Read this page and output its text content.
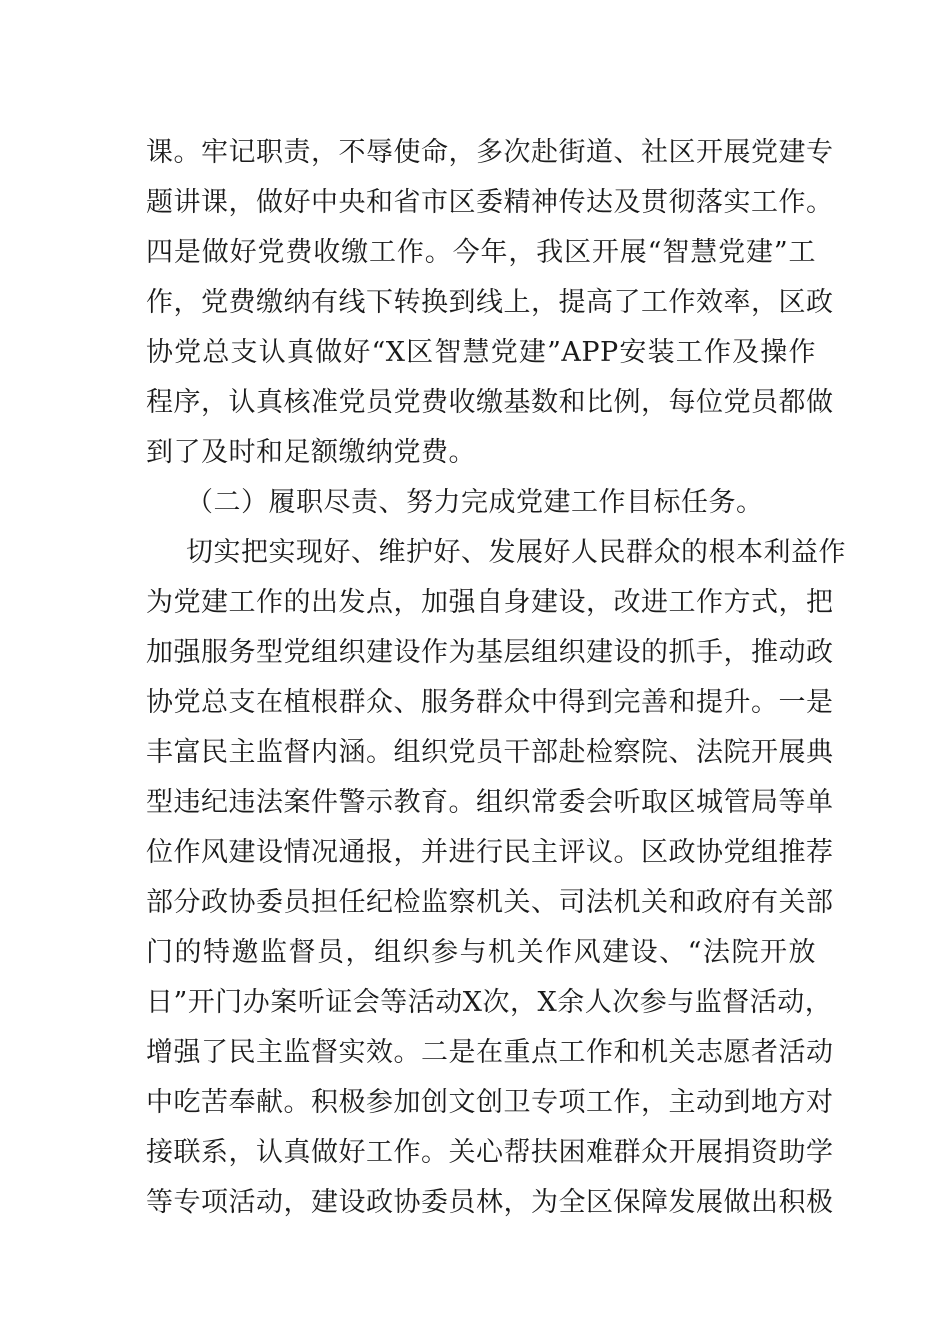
课。牢记职责，不辱使命，多次赴街道、社区开展党建专
题讲课，做好中央和省市区委精神传达及贯彻落实工作。
四是做好党费收缴工作。今年，我区开展“智慧党建”工
作，党费缴纳有线下转换到线上，提高了工作效率，区政
协党总支认真做好“X区智慧党建”APP安装工作及操作
程序，认真核准党员党费收缴基数和比例，每位党员都做
到了及时和足额缴纳党费。
（二）履职尽责、努力完成党建工作目标任务。
切实把实现好、维护好、发展好人民群众的根本利益作
为党建工作的出发点，加强自身建设，改进工作方式，把
加强服务型党组织建设作为基层组织建设的抓手，推动政
协党总支在植根群众、服务群众中得到完善和提升。一是
丰富民主监督内涵。组织党员干部赴检察院、法院开展典
型违纪违法案件警示教育。组织常委会听取区城管局等单
位作风建设情况通报，并进行民主评议。区政协党组推荐
部分政协委员担任纪检监察机关、司法机关和政府有关部
门的特邀监督员，组织参与机关作风建设、“法院开放
日”开门办案听证会等活动X次，X余人次参与监督活动，
增强了民主监督实效。二是在重点工作和机关志愿者活动
中吃苦奉献。积极参加创文创卫专项工作，主动到地方对
接联系，认真做好工作。关心帮扶困难群众开展捐资助学
等专项活动，建设政协委员林，为全区保障发展做出积极
